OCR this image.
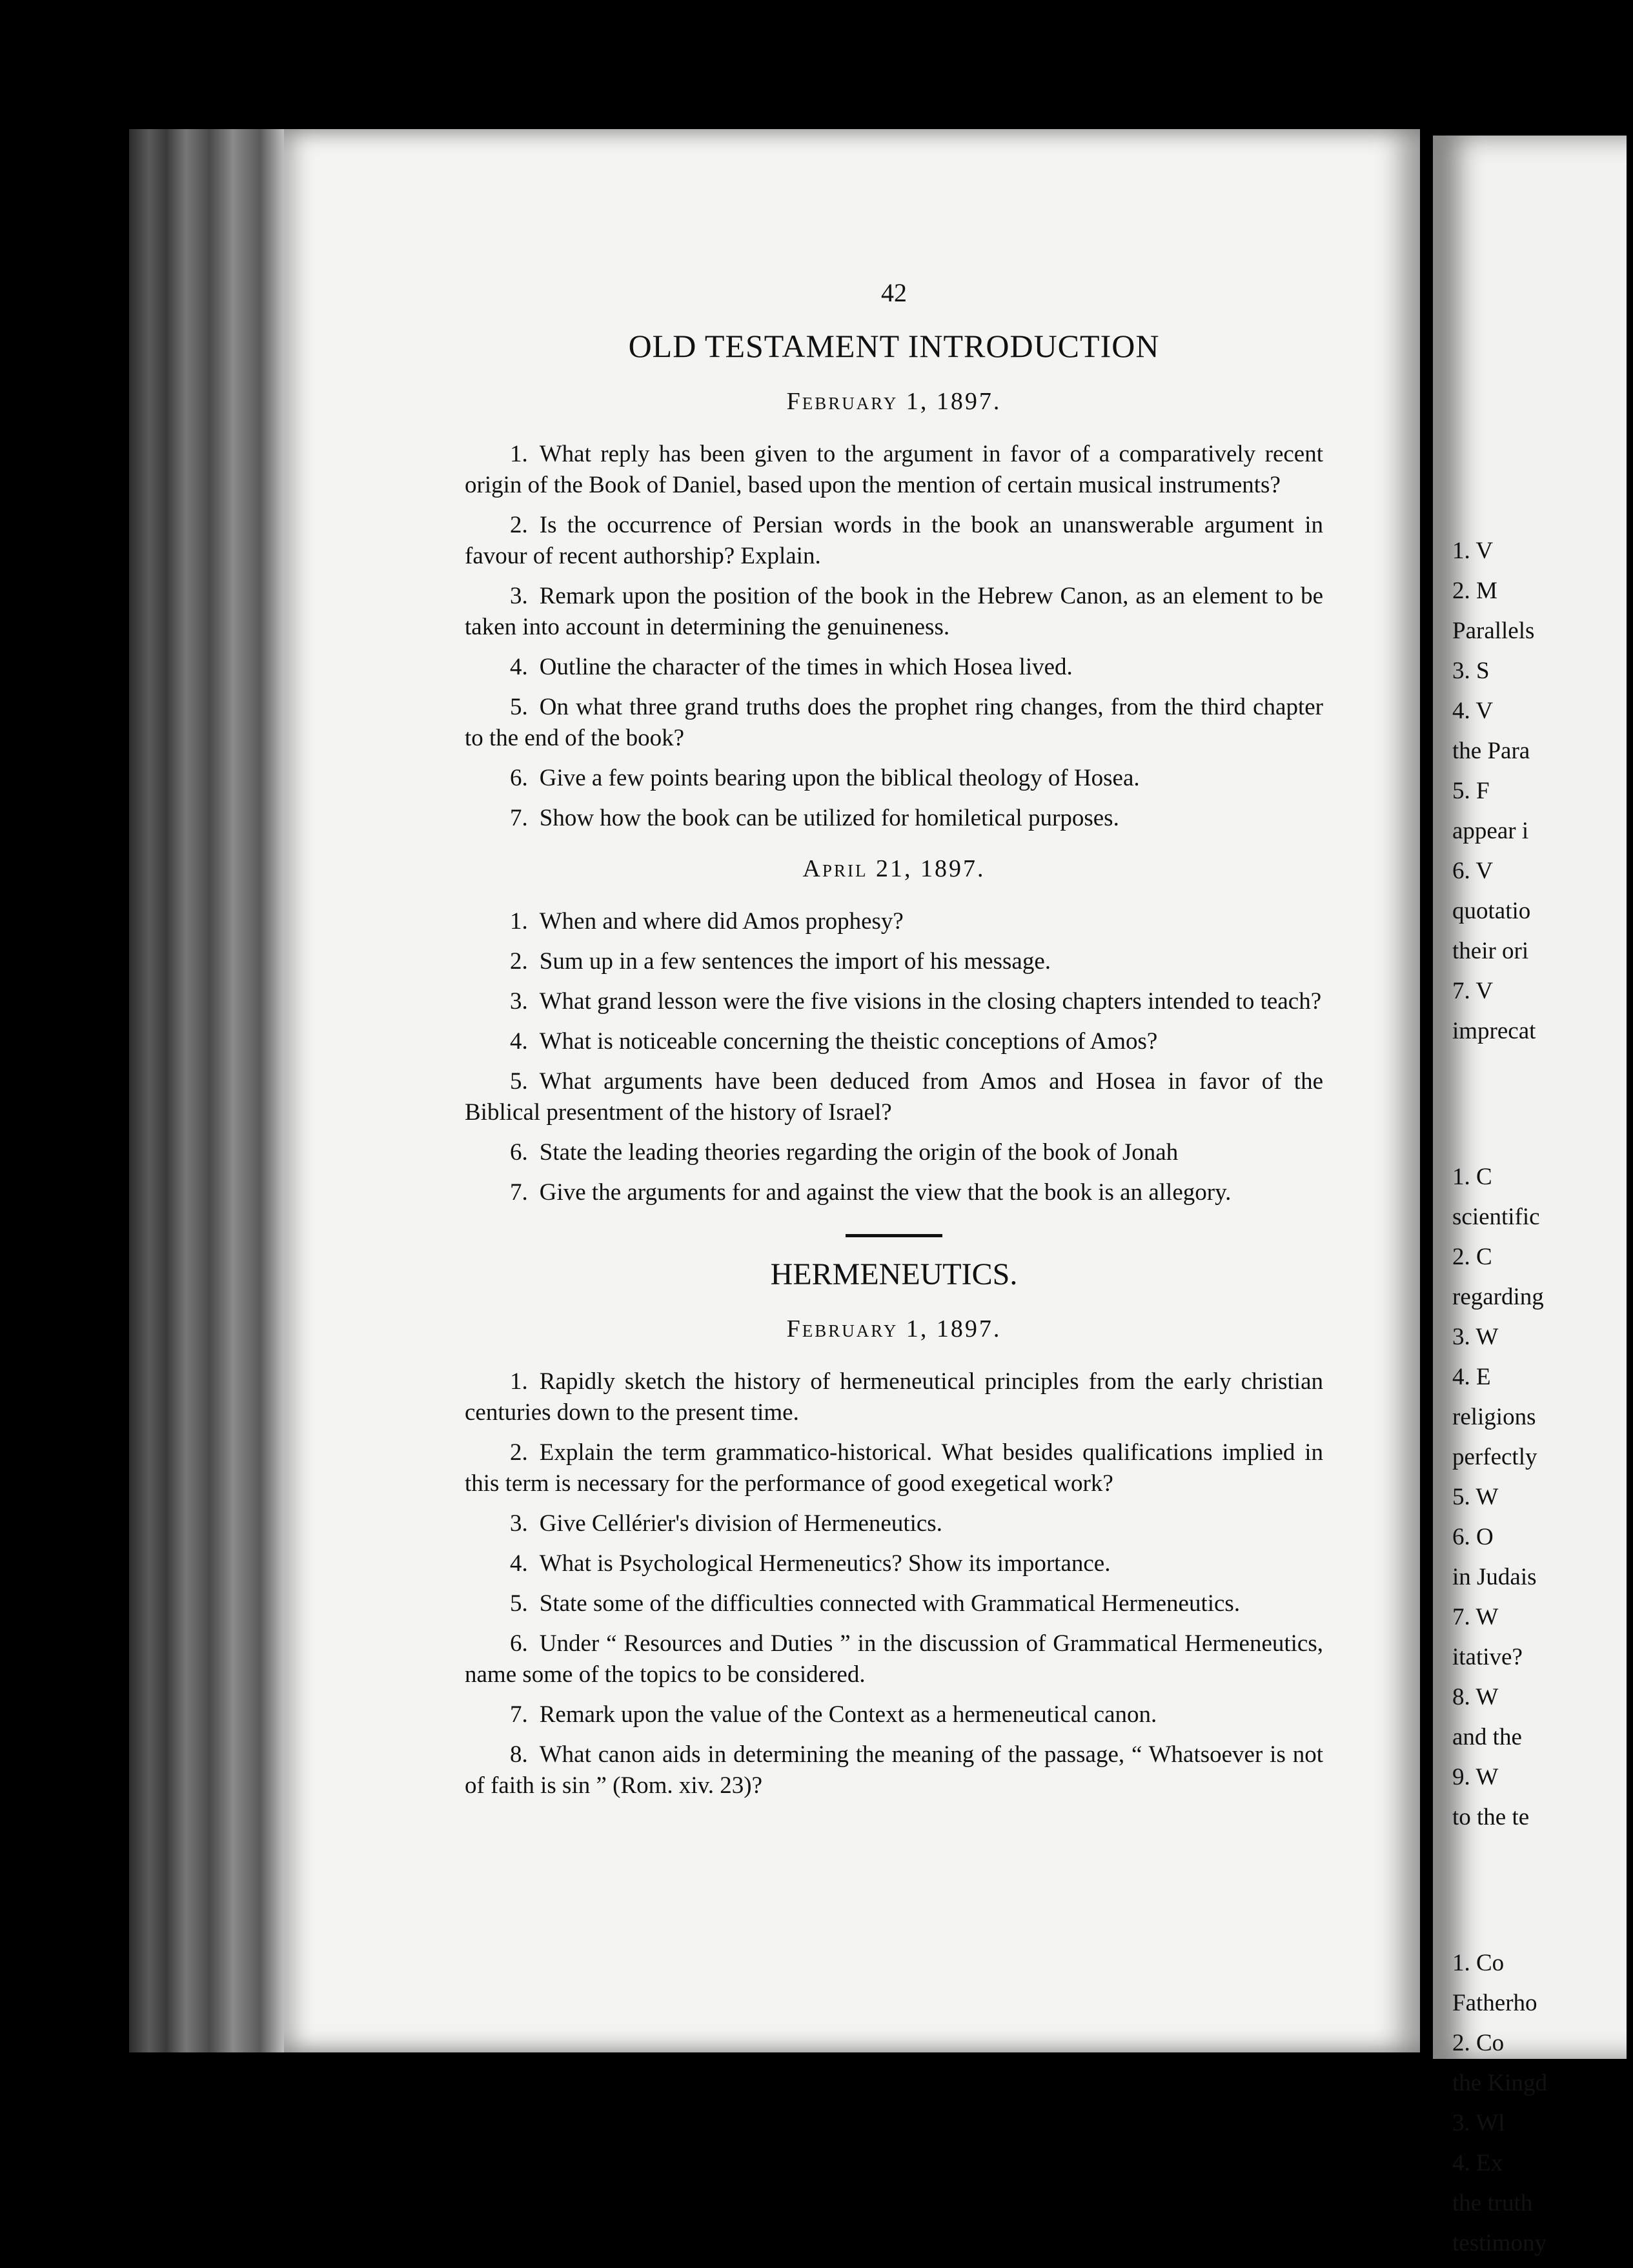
42
OLD TESTAMENT INTRODUCTION
February 1, 1897.

1. What reply has been given to the argument in favor of a comparatively recent origin of the Book of Daniel, based upon the mention of certain musical instruments?

2. Is the occurrence of Persian words in the book an unanswerable argument in favour of recent authorship? Explain.

3. Remark upon the position of the book in the Hebrew Canon, as an element to be taken into account in determining the genuineness.

4. Outline the character of the times in which Hosea lived.

5. On what three grand truths does the prophet ring changes, from the third chapter to the end of the book?

6. Give a few points bearing upon the biblical theology of Hosea.

7. Show how the book can be utilized for homiletical purposes.

April 21, 1897.

1. When and where did Amos prophesy?

2. Sum up in a few sentences the import of his message.

3. What grand lesson were the five visions in the closing chapters intended to teach?

4. What is noticeable concerning the theistic conceptions of Amos?

5. What arguments have been deduced from Amos and Hosea in favor of the Biblical presentment of the history of Israel?

6. State the leading theories regarding the origin of the book of Jonah

7. Give the arguments for and against the view that the book is an allegory.

HERMENEUTICS.
February 1, 1897.

1. Rapidly sketch the history of hermeneutical principles from the early christian centuries down to the present time.

2. Explain the term grammatico-historical. What besides qualifications implied in this term is necessary for the performance of good exegetical work?

3. Give Cellérier's division of Hermeneutics.

4. What is Psychological Hermeneutics? Show its importance.

5. State some of the difficulties connected with Grammatical Hermeneutics.

6. Under “ Resources and Duties ” in the discussion of Grammatical Hermeneutics, name some of the topics to be considered.

7. Remark upon the value of the Context as a hermeneutical canon.

8. What canon aids in determining the meaning of the passage, “ Whatsoever is not of faith is sin ” (Rom. xiv. 23)?

1. V
2. M
Parallels
3. S
4. V
the Para
5. F
appear i
6. V
quotatio
their ori
7. V
imprecat
1. C
scientific
2. C
regarding
3. W
4. E
religions
perfectly
5. W
6. O
in Judais
7. W
itative?
8. W
and the
9. W
to the te
1. Co
Fatherho
2. Co
the Kingd
3. Wl
4. Ex
the truth
testimony
